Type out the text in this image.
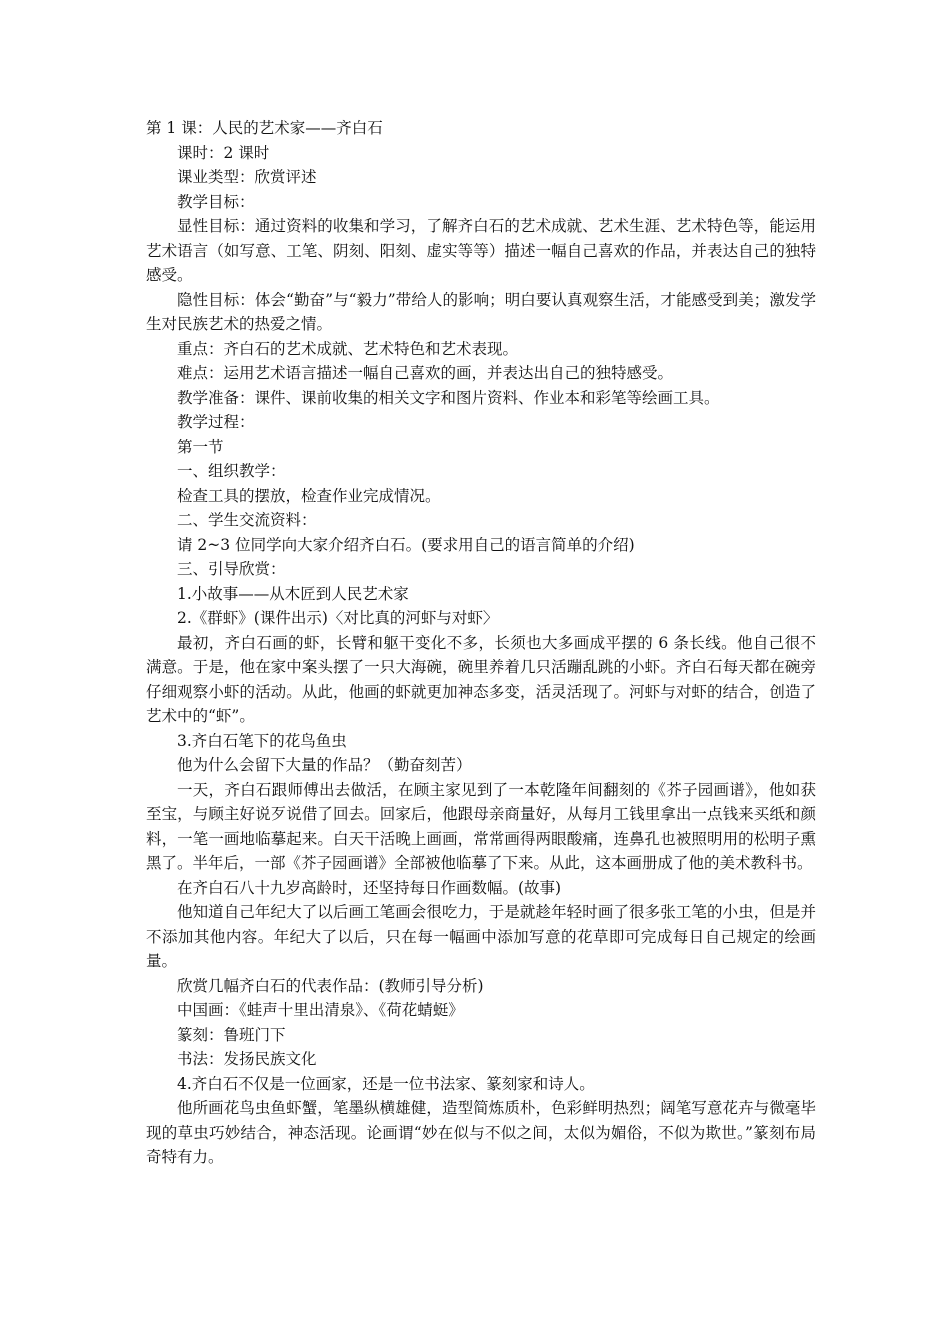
第 1 课：人民的艺术家——齐白石
课时：2 课时
课业类型：欣赏评述
教学目标：
显性目标：通过资料的收集和学习，了解齐白石的艺术成就、艺术生涯、艺术特色等，能运用艺术语言（如写意、工笔、阴刻、阳刻、虚实等等）描述一幅自己喜欢的作品，并表达自己的独特感受。
隐性目标：体会“勤奋”与“毅力”带给人的影响；明白要认真观察生活，才能感受到美；激发学生对民族艺术的热爱之情。
重点：齐白石的艺术成就、艺术特色和艺术表现。
难点：运用艺术语言描述一幅自己喜欢的画，并表达出自己的独特感受。
教学准备：课件、课前收集的相关文字和图片资料、作业本和彩笔等绘画工具。
教学过程：
第一节
一、组织教学：
检查工具的摆放，检查作业完成情况。
二、学生交流资料：
请 2~3 位同学向大家介绍齐白石。(要求用自己的语言简单的介绍)
三、引导欣赏：
1.小故事——从木匠到人民艺术家
2.《群虾》(课件出示)〈对比真的河虾与对虾〉
最初，齐白石画的虾，长臂和躯干变化不多，长须也大多画成平摆的 6 条长线。他自己很不满意。于是，他在家中案头摆了一只大海碗，碗里养着几只活蹦乱跳的小虾。齐白石每天都在碗旁仔细观察小虾的活动。从此，他画的虾就更加神态多变，活灵活现了。河虾与对虾的结合，创造了艺术中的“虾”。
3.齐白石笔下的花鸟鱼虫
他为什么会留下大量的作品？（勤奋刻苦）
一天，齐白石跟师傅出去做活，在顾主家见到了一本乾隆年间翻刻的《芥子园画谱》，他如获至宝，与顾主好说歹说借了回去。回家后，他跟母亲商量好，从每月工钱里拿出一点钱来买纸和颜料，一笔一画地临摹起来。白天干活晚上画画，常常画得两眼酸痛，连鼻孔也被照明用的松明子熏黑了。半年后，一部《芥子园画谱》全部被他临摹了下来。从此，这本画册成了他的美术教科书。
在齐白石八十九岁高龄时，还坚持每日作画数幅。(故事)
他知道自己年纪大了以后画工笔画会很吃力，于是就趁年轻时画了很多张工笔的小虫，但是并不添加其他内容。年纪大了以后，只在每一幅画中添加写意的花草即可完成每日自己规定的绘画量。
欣赏几幅齐白石的代表作品：(教师引导分析)
中国画：《蛙声十里出清泉》、《荷花蜻蜓》
篆刻：鲁班门下
书法：发扬民族文化
4.齐白石不仅是一位画家，还是一位书法家、篆刻家和诗人。
他所画花鸟虫鱼虾蟹，笔墨纵横雄健，造型简炼质朴，色彩鲜明热烈；阔笔写意花卉与微毫毕现的草虫巧妙结合，神态活现。论画谓“妙在似与不似之间，太似为媚俗，不似为欺世。”篆刻布局奇特有力。
